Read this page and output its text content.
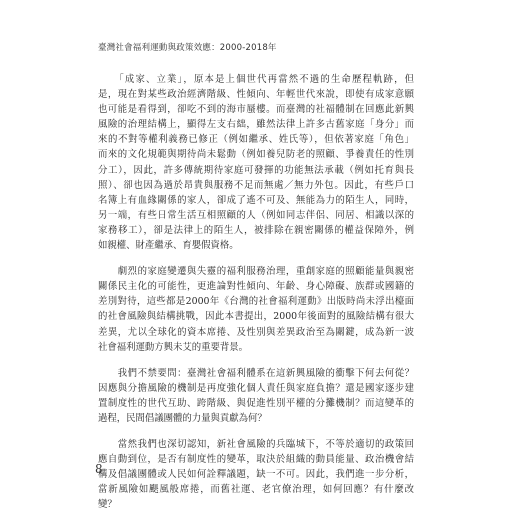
臺灣社會福利運動與政策效應：2000-2018年
　　「成家、立業」，原本是上個世代再當然不過的生命歷程軌跡，但
是，現在對某些政治經濟階級、性傾向、年輕世代來說，即使有成家意願
也可能是看得到，卻吃不到的海市蜃樓。而臺灣的社福體制在回應此新興
風險的治理結構上，顯得左支右絀，雖然法律上許多古舊家庭「身分」而
來的不對等權利義務已修正（例如繼承、姓氏等），但依著家庭「角色」
而來的文化規範與期待尚未鬆動（例如養兒防老的照顧、爭養責任的性別
分工），因此，許多傳統期待家庭可發揮的功能無法承載（例如托育與長
照）、卻也因為過於昂貴與服務不足而無處／無力外包。因此，有些戶口
名簿上有血緣關係的家人，卻成了遙不可及、無能為力的陌生人，同時，
另一端，有些日常生活互相照顧的人（例如同志伴侶、同居、相識以深的
家務移工），卻是法律上的陌生人，被排除在親密關係的權益保障外，例
如親權、財產繼承、育嬰假資格。
　　劇烈的家庭變遷與失靈的福利服務治理，重創家庭的照顧能量與親密
關係民主化的可能性，更進論對性傾向、年齡、身心障礙、族群或國籍的
差別對待，這些都是2000年《台灣的社會福利運動》出版時尚未浮出檯面
的社會風險與結構挑戰，因此本書提出，2000年後面對的風險結構有很大
差異，尤以全球化的資本席捲、及性別與差異政治至為關鍵，成為新一波
社會福利運動方興未艾的重要背景。
　　我們不禁要問：臺灣社會福利體系在這新興風險的衝擊下何去何從？
因應與分擔風險的機制是再度強化個人責任與家庭負擔？還是國家逐步建
置制度性的世代互助、跨階級、與促進性別平權的分攤機制？而這變革的
過程，民間倡議團體的力量與貢獻為何？
　　當然我們也深切認知，新社會風險的兵臨城下，不等於適切的政策回
應自動到位，是否有制度性的變革，取決於組織的動員能量、政治機會結
構及倡議團體或人民如何詮釋議題，缺一不可。因此，我們進一步分析，
當新風險如颶風般席捲，而舊社運、老官僚治理，如何回應？有什麼改
變？
8
